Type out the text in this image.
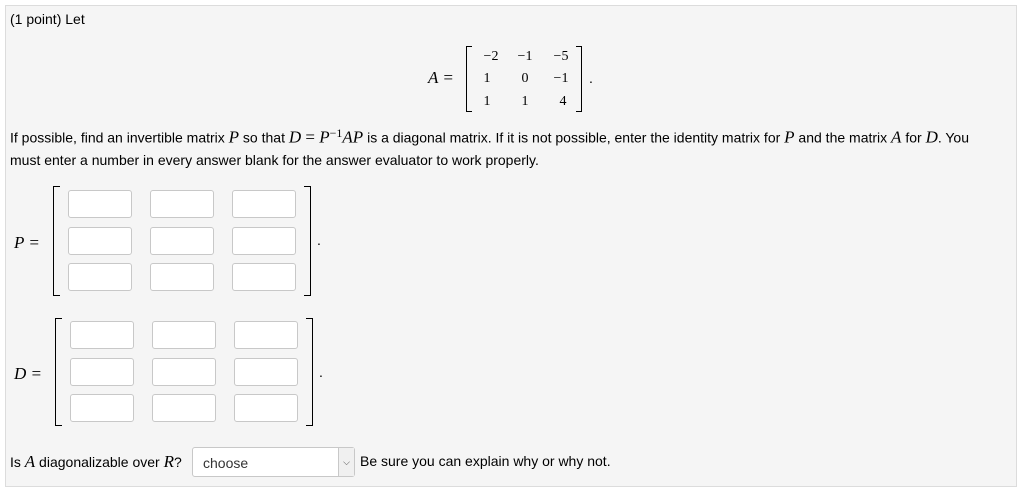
(1 point) Let
A =
−2	−1	−5
1	0	−1
1	1	4
.
If possible, find an invertible matrix P so that $D = P^{-1}AP$ is a diagonal matrix. If it is not possible, enter the identity matrix for P and the matrix A for D. You must enter a number in every answer blank for the answer evaluator to work properly.
P =	.
D =	.
Is A diagonalizable over R? choose	⌵ Be sure you can explain why or why not.
